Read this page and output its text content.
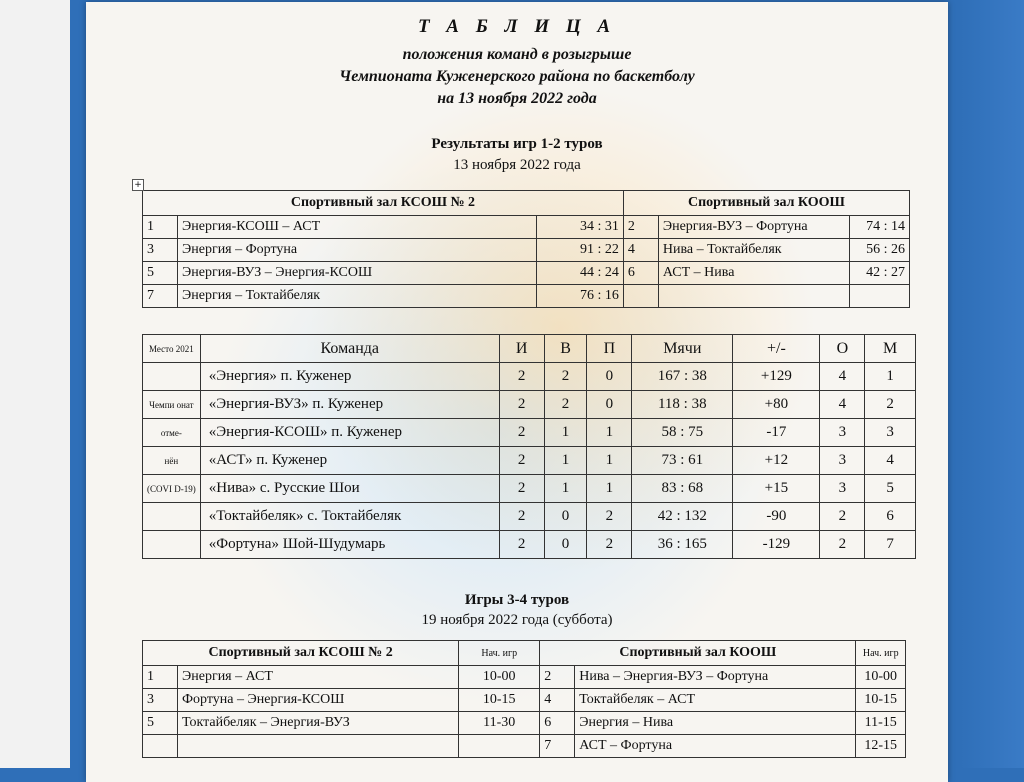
Т А Б Л И Ц А
положения команд в розыгрыше
Чемпионата Куженерского района по баскетболу
на 13 ноября 2022 года
Результаты игр 1-2 туров
13 ноября 2022 года
Спортивный зал КСОШ № 2			Спортивный зал КООШ		
1	Энергия-КСОШ – АСТ	34 : 31	2	Энергия-ВУЗ – Фортуна	74 : 14
3	Энергия – Фортуна	91 : 22	4	Нива – Токтайбеляк	56 : 26
5	Энергия-ВУЗ – Энергия-КСОШ	44 : 24	6	АСТ – Нива	42 : 27
7	Энергия – Токтайбеляк	76 : 16			
Место 2021	Команда	И	В	П	Мячи	+/-	О	М
	«Энергия» п. Куженер	2	2	0	167 : 38	+129	4	1
Чемпи онат	«Энергия-ВУЗ» п. Куженер	2	2	0	118 : 38	+80	4	2
отме-	«Энергия-КСОШ» п. Куженер	2	1	1	58 : 75	-17	3	3
нён	«АСТ» п. Куженер	2	1	1	73 : 61	+12	3	4
(COVI D-19)	«Нива» с. Русские Шои	2	1	1	83 : 68	+15	3	5
	«Токтайбеляк» с. Токтайбеляк	2	0	2	42 : 132	-90	2	6
	«Фортуна» Шой-Шудумарь	2	0	2	36 : 165	-129	2	7
Игры 3-4 туров
19 ноября 2022 года (суббота)
Спортивный зал КСОШ № 2		Нач. игр	Спортивный зал КООШ		Нач. игр
1	Энергия – АСТ	10-00	2	Нива – Энергия-ВУЗ – Фортуна	10-00
3	Фортуна – Энергия-КСОШ	10-15	4	Токтайбеляк – АСТ	10-15
5	Токтайбеляк – Энергия-ВУЗ	11-30	6	Энергия – Нива	11-15
			7	АСТ – Фортуна	12-15
+
